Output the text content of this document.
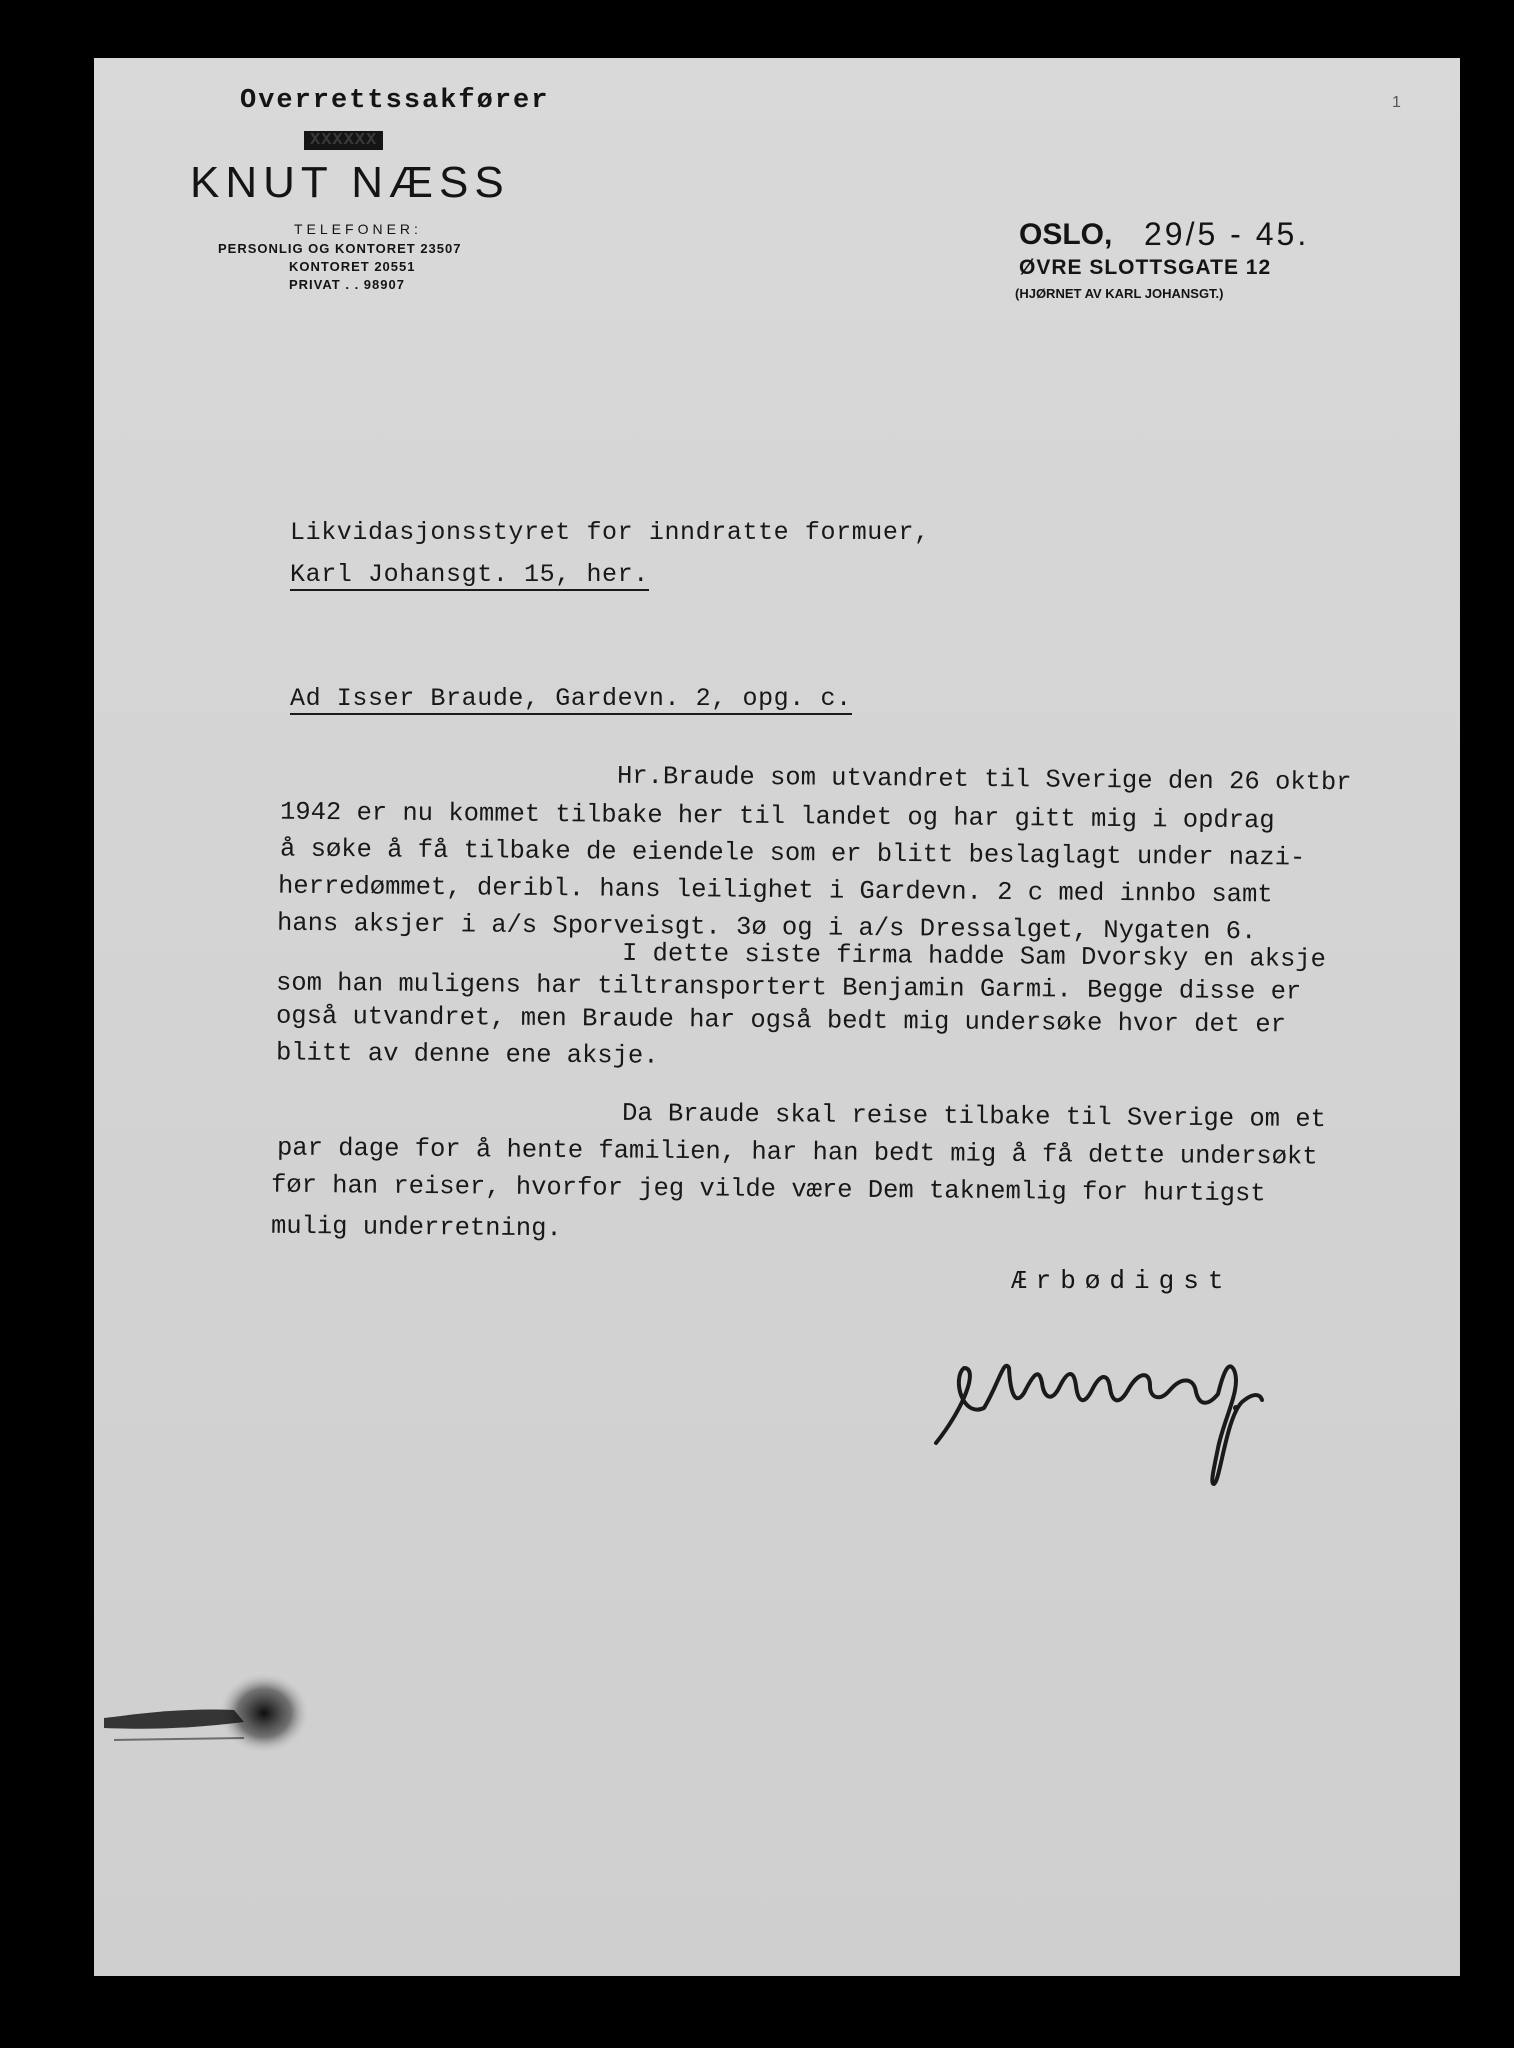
Overrettssakfører
XXXXXX
KNUT NÆSS
TELEFONER:
PERSONLIG OG KONTORET 23507
KONTORET 20551
PRIVAT . . 98907
OSLO, 29/5 - 45.
ØVRE SLOTTSGATE 12
(HJØRNET AV KARL JOHANSGT.)
1
Likvidasjonsstyret for inndratte formuer,
Karl Johansgt. 15, her.
Ad Isser Braude, Gardevn. 2, opg. c.
Hr.Braude som utvandret til Sverige den 26 oktbr
1942 er nu kommet tilbake her til landet og har gitt mig i opdrag
å søke å få tilbake de eiendele som er blitt beslaglagt under nazi-
herredømmet, deribl. hans leilighet i Gardevn. 2 c med innbo samt
hans aksjer i a/s Sporveisgt. 3ø og i a/s Dressalget, Nygaten 6.
I dette siste firma hadde Sam Dvorsky en aksje
som han muligens har tiltransportert Benjamin Garmi. Begge disse er
også utvandret, men Braude har også bedt mig undersøke hvor det er
blitt av denne ene aksje.
Da Braude skal reise tilbake til Sverige om et
par dage for å hente familien, har han bedt mig å få dette undersøkt
før han reiser, hvorfor jeg vilde være Dem taknemlig for hurtigst
mulig underretning.
Ærbødigst
